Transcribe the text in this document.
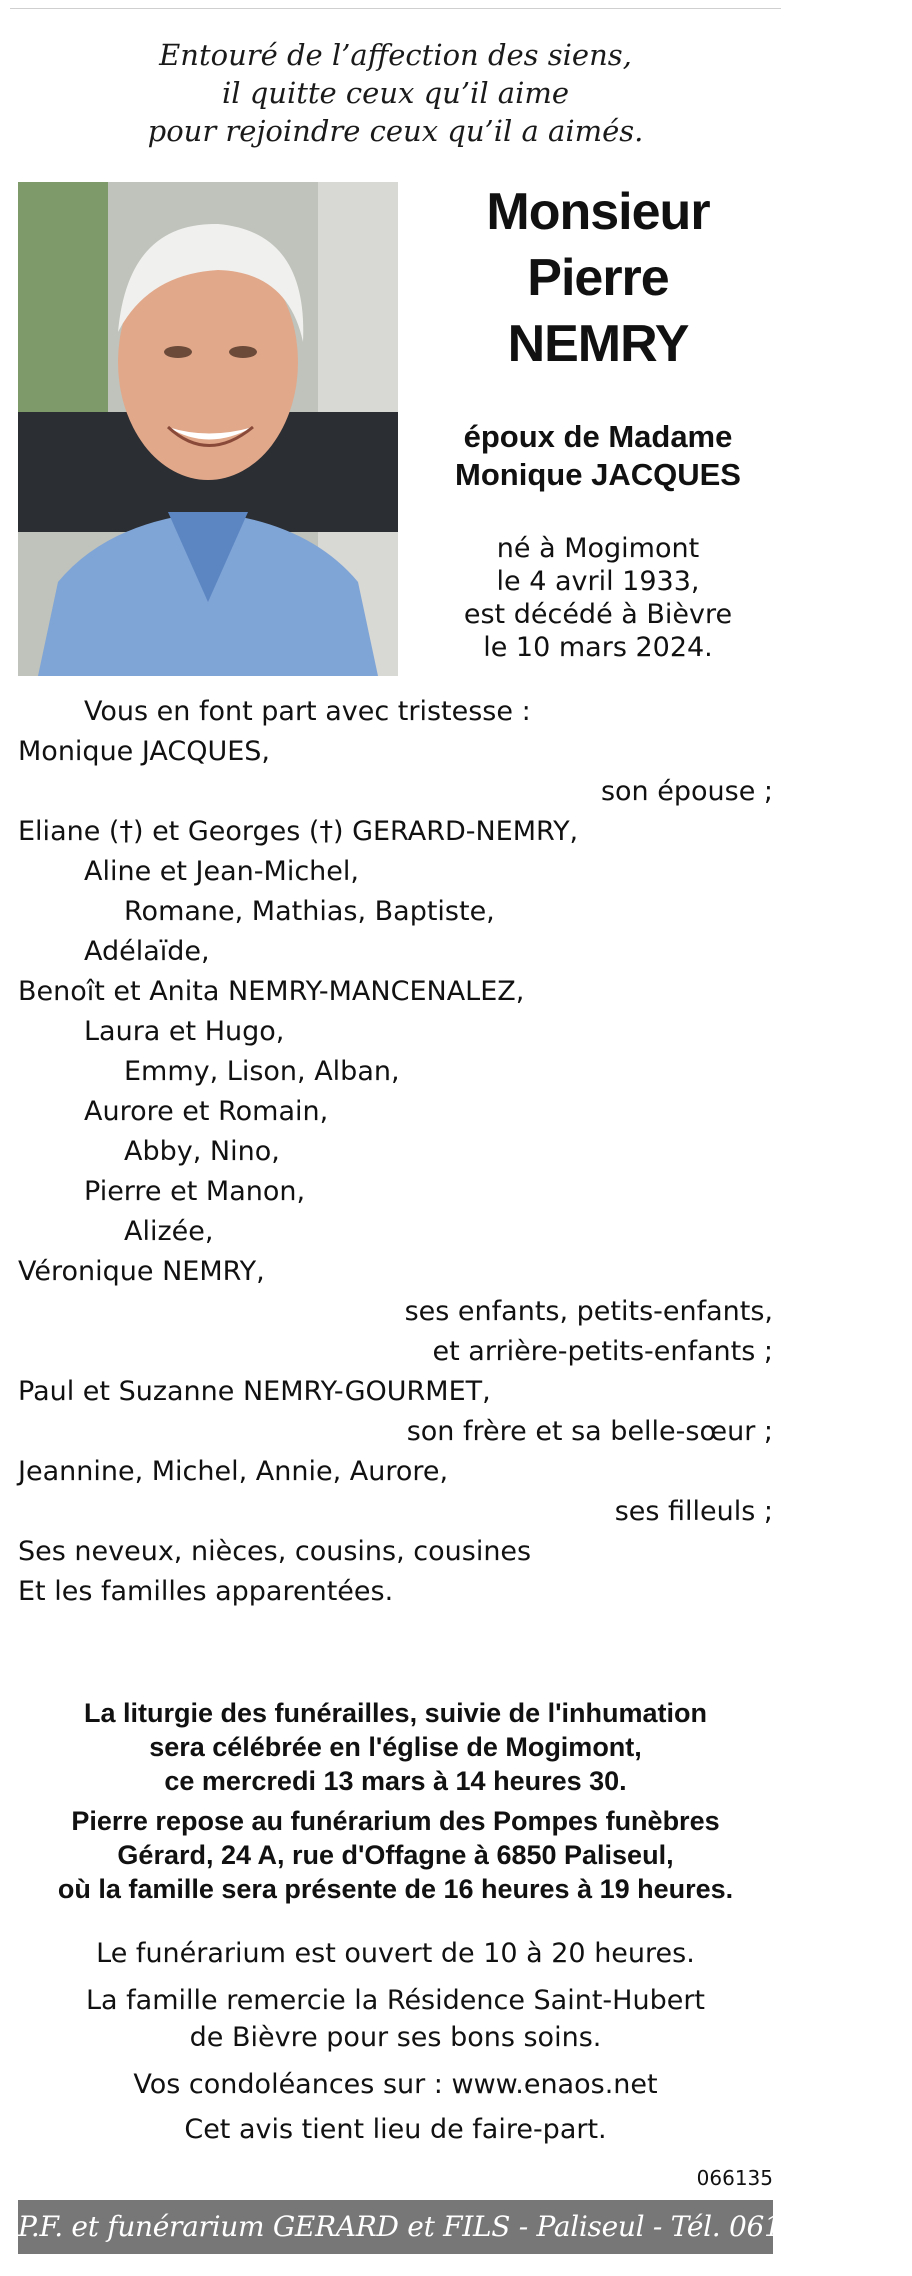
Entouré de l’affection des siens,
il quitte ceux qu’il aime
pour rejoindre ceux qu’il a aimés.
Monsieur
Pierre
NEMRY
époux de Madame
Monique JACQUES
né à Mogimont
le 4 avril 1933,
est décédé à Bièvre
le 10 mars 2024.
Vous en font part avec tristesse :
Monique JACQUES,
son épouse ;
Eliane (†) et Georges (†) GERARD-NEMRY,
Aline et Jean-Michel,
Romane, Mathias, Baptiste,
Adélaïde,
Benoît et Anita NEMRY-MANCENALEZ,
Laura et Hugo,
Emmy, Lison, Alban,
Aurore et Romain,
Abby, Nino,
Pierre et Manon,
Alizée,
Véronique NEMRY,
ses enfants, petits-enfants,
et arrière-petits-enfants ;
Paul et Suzanne NEMRY-GOURMET,
son frère et sa belle-sœur ;
Jeannine, Michel, Annie, Aurore,
ses filleuls ;
Ses neveux, nièces, cousins, cousines
Et les familles apparentées.
La liturgie des funérailles, suivie de l'inhumation
sera célébrée en l'église de Mogimont,
ce mercredi 13 mars à 14 heures 30.
Pierre repose au funérarium des Pompes funèbres
Gérard, 24 A, rue d'Offagne à 6850 Paliseul,
où la famille sera présente de 16 heures à 19 heures.
Le funérarium est ouvert de 10 à 20 heures.
La famille remercie la Résidence Saint-Hubert
de Bièvre pour ses bons soins.
Vos condoléances sur : www.enaos.net
Cet avis tient lieu de faire-part.
066135
P.F. et funérarium GERARD et FILS - Paliseul - Tél. 061 53 32 84
